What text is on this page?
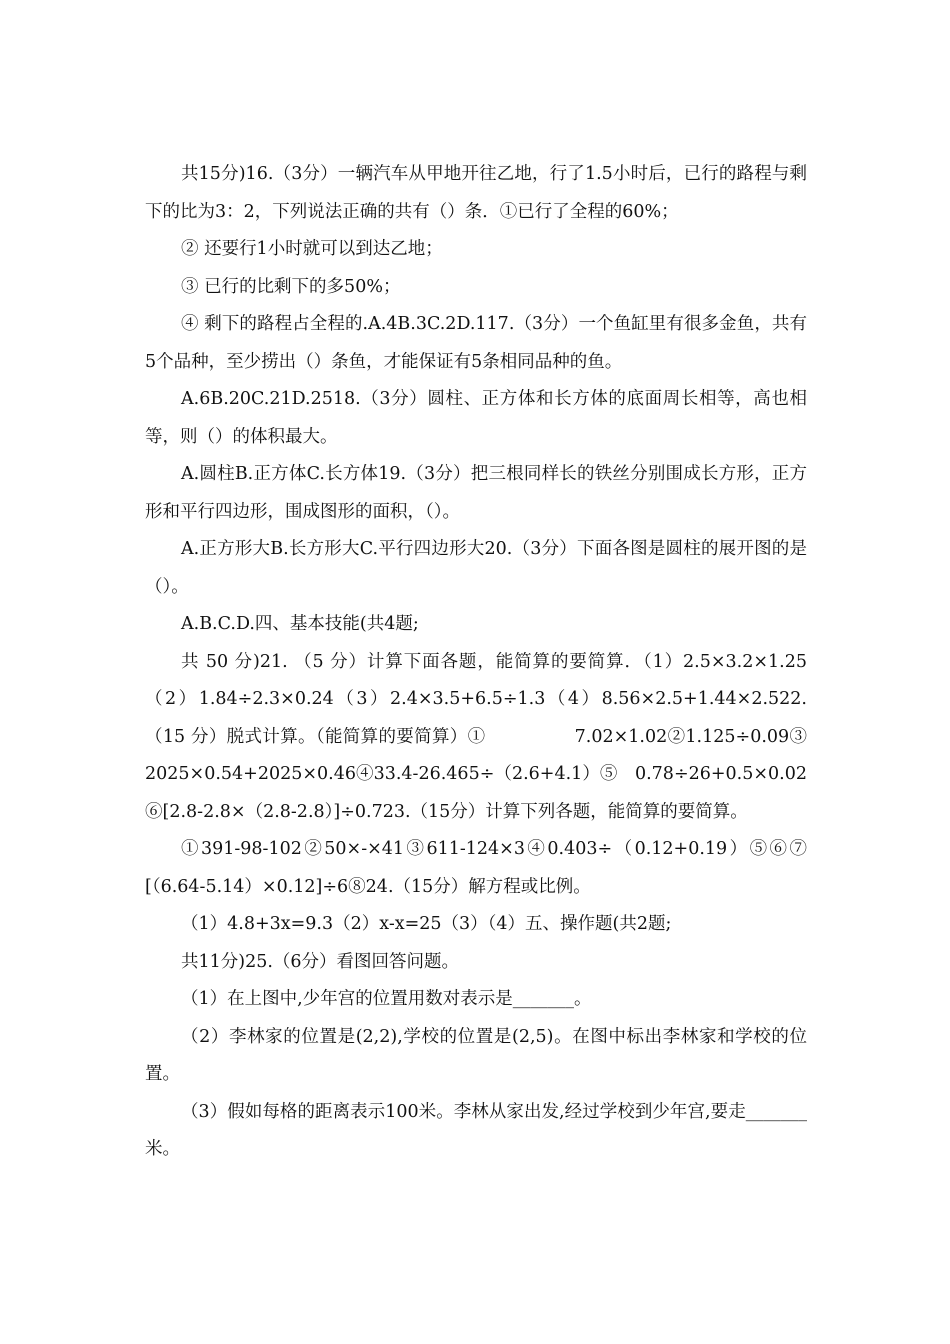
共15分)16.（3分）一辆汽车从甲地开往乙地，行了1.5小时后，已行的路程与剩下的比为3：2，下列说法正确的共有（）条．①已行了全程的60%；

② 还要行1小时就可以到达乙地；

③ 已行的比剩下的多50%；

④ 剩下的路程占全程的.A.4B.3C.2D.117.（3分）一个鱼缸里有很多金鱼，共有5个品种，至少捞出（）条鱼，才能保证有5条相同品种的鱼。

A.6B.20C.21D.2518.（3分）圆柱、正方体和长方体的底面周长相等，高也相等，则（）的体积最大。

A.圆柱B.正方体C.长方体19.（3分）把三根同样长的铁丝分别围成长方形，正方形和平行四边形，围成图形的面积，（）。

A.正方形大B.长方形大C.平行四边形大20.（3分）下面各图是圆柱的展开图的是（）。

A.B.C.D.四、基本技能(共4题;

共 50 分)21. （5 分）计算下面各题，能简算的要简算．（1）2.5×3.2×1.25（2）1.84÷2.3×0.24（3）2.4×3.5+6.5÷1.3（4）8.56×2.5+1.44×2.522. （15 分）脱式计算。（能简算的要简算）①　　　　　7.02×1.02②1.125÷0.09③2025×0.54+2025×0.46④33.4-26.465÷（2.6+4.1）⑤　0.78÷26+0.5×0.02⑥[2.8-2.8×（2.8-2.8）]÷0.723.（15分）计算下列各题，能简算的要简算。

①391-98-102②50×-×41③611-124×3④0.403÷（0.12+0.19）⑤⑥⑦[（6.64-5.14）×0.12]÷6⑧24.（15分）解方程或比例。

（1）4.8+3x=9.3（2）x-x=25（3）（4）五、操作题(共2题;

共11分)25.（6分）看图回答问题。

（1）在上图中,少年宫的位置用数对表示是_______。

（2）李林家的位置是(2,2),学校的位置是(2,5)。在图中标出李林家和学校的位置。

（3）假如每格的距离表示100米。李林从家出发,经过学校到少年宫,要走_______米。
